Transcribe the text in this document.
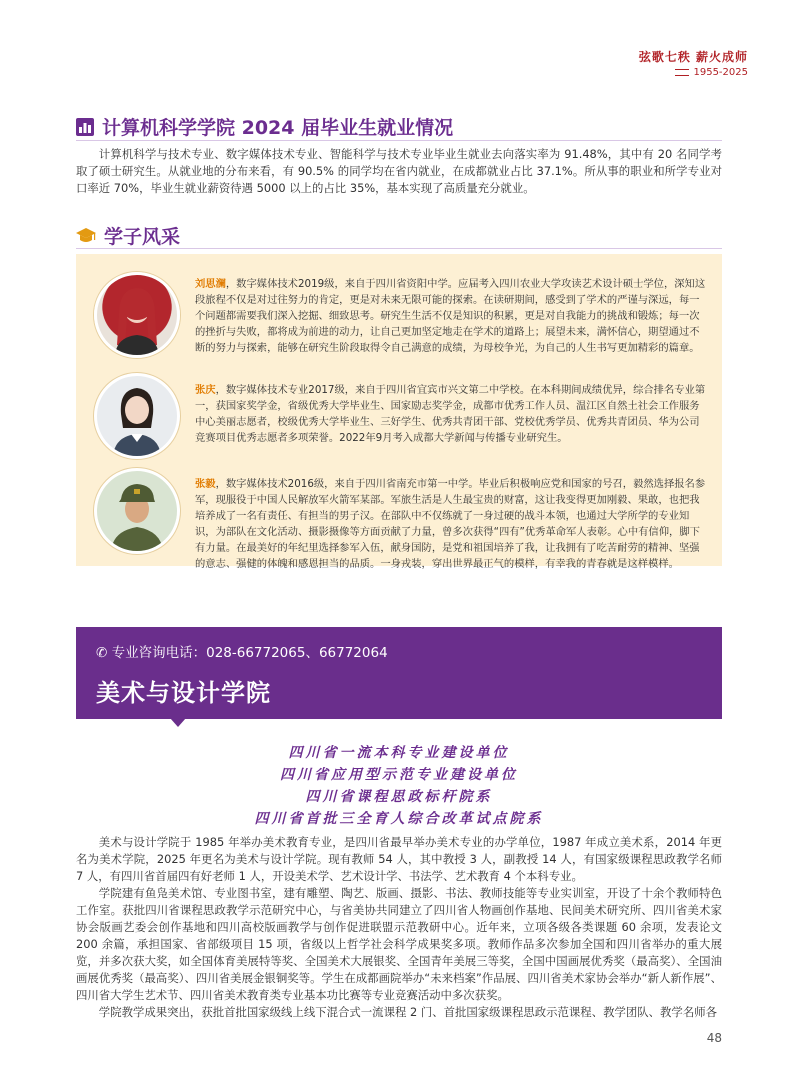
弦歌七秩 薪火成师
1955-2025
计算机科学学院 2024 届毕业生就业情况

计算机科学与技术专业、数字媒体技术专业、智能科学与技术专业毕业生就业去向落实率为 91.48%，其中有 20 名同学考取了硕士研究生。从就业地的分布来看，有 90.5% 的同学均在省内就业，在成都就业占比 37.1%。所从事的职业和所学专业对口率近 70%，毕业生就业薪资待遇 5000 以上的占比 35%，基本实现了高质量充分就业。

学子风采

刘思澜，数字媒体技术2019级，来自于四川省资阳中学。应届考入四川农业大学攻读艺术设计硕士学位，深知这段旅程不仅是对过往努力的肯定，更是对未来无限可能的探索。在读研期间，感受到了学术的严谨与深远，每一个问题都需要我们深入挖掘、细致思考。研究生生活不仅是知识的积累，更是对自我能力的挑战和锻炼；每一次的挫折与失败，都将成为前进的动力，让自己更加坚定地走在学术的道路上；展望未来，满怀信心，期望通过不断的努力与探索，能够在研究生阶段取得令自己满意的成绩，为母校争光，为自己的人生书写更加精彩的篇章。

张庆，数字媒体技术专业2017级，来自于四川省宜宾市兴文第二中学校。在本科期间成绩优异，综合排名专业第一，获国家奖学金，省级优秀大学毕业生、国家励志奖学金，成都市优秀工作人员、温江区自然土社会工作服务中心美丽志愿者，校级优秀大学毕业生、三好学生、优秀共青团干部、党校优秀学员、优秀共青团员、华为公司竞赛项目优秀志愿者多项荣誉。2022年9月考入成都大学新闻与传播专业研究生。

张毅，数字媒体技术2016级，来自于四川省南充市第一中学。毕业后积极响应党和国家的号召，毅然选择报名参军，现服役于中国人民解放军火箭军某部。军旅生活是人生最宝贵的财富，这让我变得更加刚毅、果敢，也把我培养成了一名有责任、有担当的男子汉。在部队中不仅练就了一身过硬的战斗本领，也通过大学所学的专业知识，为部队在文化活动、摄影摄像等方面贡献了力量，曾多次获得“四有”优秀革命军人表彰。心中有信仰，脚下有力量。在最美好的年纪里选择参军入伍，献身国防，是党和祖国培养了我，让我拥有了吃苦耐劳的精神、坚强的意志、强健的体魄和感恩担当的品质。一身戎装，穿出世界最正气的模样，有幸我的青春就是这样模样。

✆ 专业咨询电话：028-66772065、66772064
美术与设计学院
四川省一流本科专业建设单位
四川省应用型示范专业建设单位
四川省课程思政标杆院系
四川省首批三全育人综合改革试点院系

美术与设计学院于 1985 年举办美术教育专业，是四川省最早举办美术专业的办学单位，1987 年成立美术系，2014 年更名为美术学院，2025 年更名为美术与设计学院。现有教师 54 人，其中教授 3 人，副教授 14 人，有国家级课程思政教学名师 7 人，有四川省首届四有好老师 1 人，开设美术学、艺术设计学、书法学、艺术教育 4 个本科专业。

学院建有鱼凫美术馆、专业图书室，建有雕塑、陶艺、版画、摄影、书法、教师技能等专业实训室，开设了十余个教师特色工作室。获批四川省课程思政教学示范研究中心，与省美协共同建立了四川省人物画创作基地、民间美术研究所、四川省美术家协会版画艺委会创作基地和四川高校版画教学与创作促进联盟示范教研中心。近年来，立项各级各类课题 60 余项，发表论文 200 余篇，承担国家、省部级项目 15 项，省级以上哲学社会科学成果奖多项。教师作品多次参加全国和四川省举办的重大展览，并多次获大奖，如全国体育美展特等奖、全国美术大展银奖、全国青年美展三等奖，全国中国画展优秀奖（最高奖）、全国油画展优秀奖（最高奖）、四川省美展金银铜奖等。学生在成都画院举办“未来档案”作品展、四川省美术家协会举办“新人新作展”、四川省大学生艺术节、四川省美术教育类专业基本功比赛等专业竞赛活动中多次获奖。

学院教学成果突出，获批首批国家级线上线下混合式一流课程 2 门、首批国家级课程思政示范课程、教学团队、教学名师各

48
